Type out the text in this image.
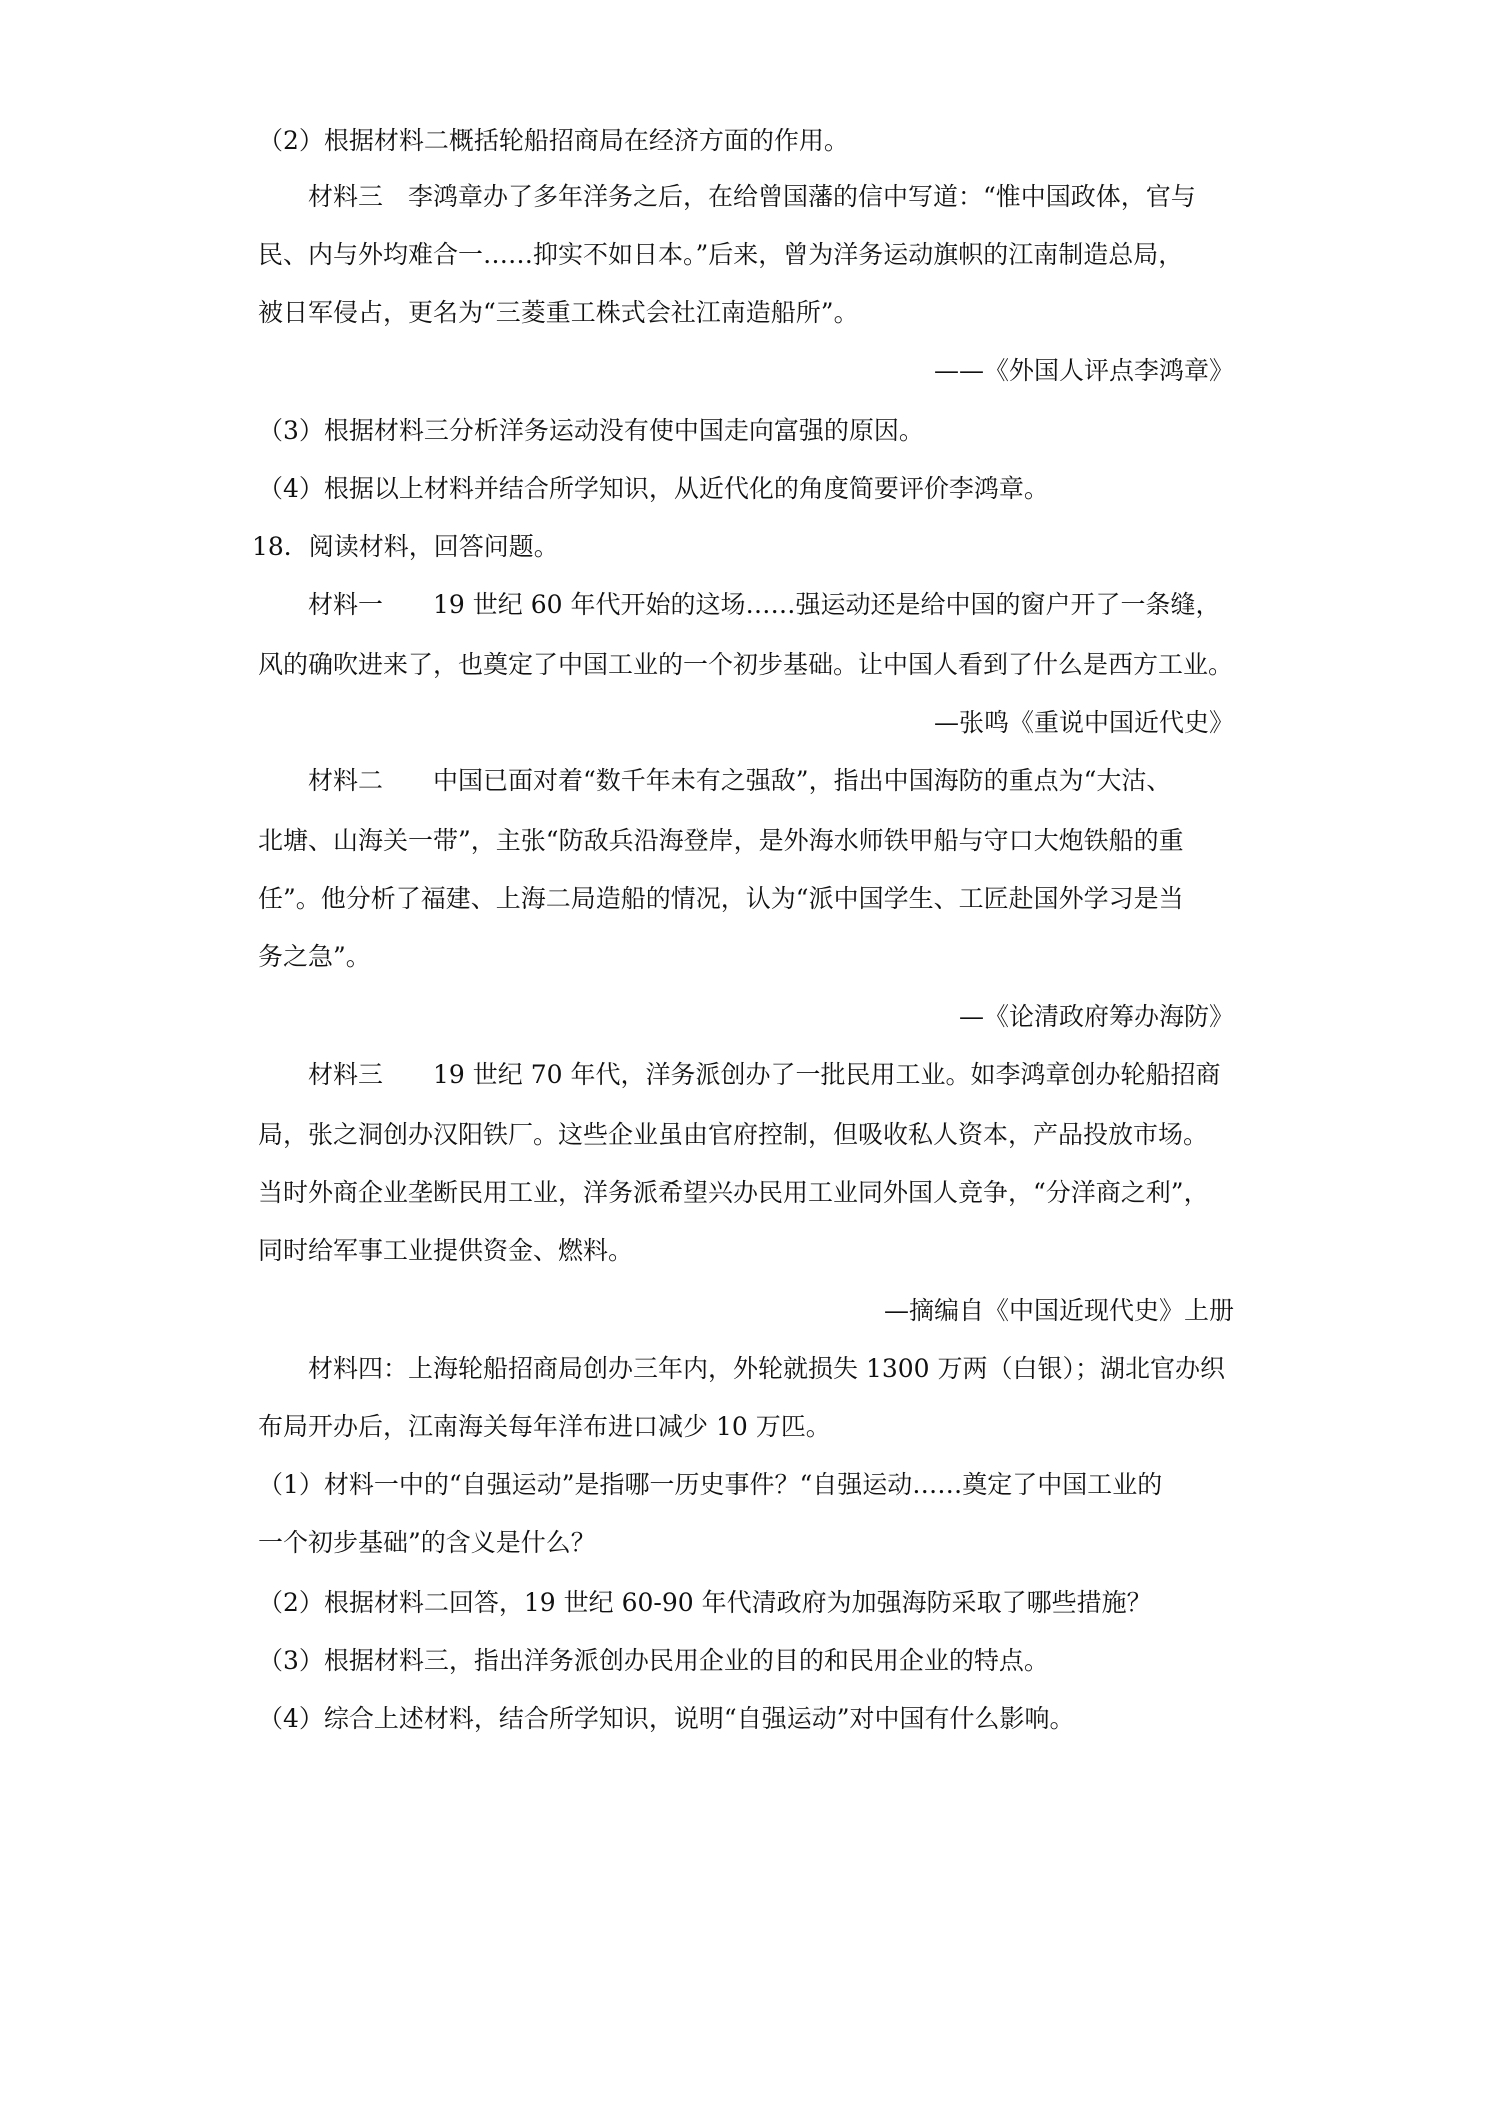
（2）根据材料二概括轮船招商局在经济方面的作用。
材料三　李鸿章办了多年洋务之后，在给曾国藩的信中写道：“惟中国政体，官与
民、内与外均难合一……抑实不如日本。”后来，曾为洋务运动旗帜的江南制造总局，
被日军侵占，更名为“三菱重工株式会社江南造船所”。
——《外国人评点李鸿章》
（3）根据材料三分析洋务运动没有使中国走向富强的原因。
（4）根据以上材料并结合所学知识，从近代化的角度简要评价李鸿章。
18．阅读材料，回答问题。
材料一　　19 世纪 60 年代开始的这场……强运动还是给中国的窗户开了一条缝，
风的确吹进来了，也奠定了中国工业的一个初步基础。让中国人看到了什么是西方工业。
—张鸣《重说中国近代史》
材料二　　中国已面对着“数千年未有之强敌”，指出中国海防的重点为“大沽、
北塘、山海关一带”，主张“防敌兵沿海登岸，是外海水师铁甲船与守口大炮铁船的重
任”。他分析了福建、上海二局造船的情况，认为“派中国学生、工匠赴国外学习是当
务之急”。
—《论清政府筹办海防》
材料三　　19 世纪 70 年代，洋务派创办了一批民用工业。如李鸿章创办轮船招商
局，张之洞创办汉阳铁厂。这些企业虽由官府控制，但吸收私人资本，产品投放市场。
当时外商企业垄断民用工业，洋务派希望兴办民用工业同外国人竞争，“分洋商之利”，
同时给军事工业提供资金、燃料。
—摘编自《中国近现代史》上册
材料四：上海轮船招商局创办三年内，外轮就损失 1300 万两（白银）；湖北官办织
布局开办后，江南海关每年洋布进口减少 10 万匹。
（1）材料一中的“自强运动”是指哪一历史事件？“自强运动……奠定了中国工业的
一个初步基础”的含义是什么？
（2）根据材料二回答，19 世纪 60-90 年代清政府为加强海防采取了哪些措施？
（3）根据材料三，指出洋务派创办民用企业的目的和民用企业的特点。
（4）综合上述材料，结合所学知识，说明“自强运动”对中国有什么影响。
